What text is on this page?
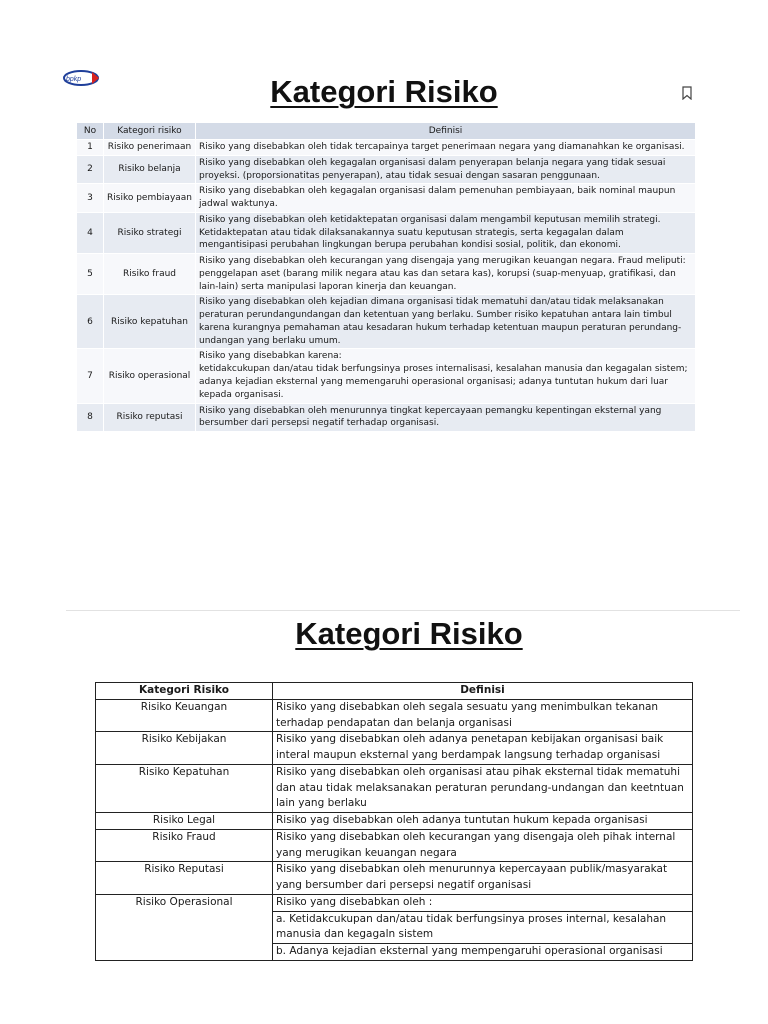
bpkp	Kategori Risiko
No	Kategori risiko	Definisi
1	Risiko penerimaan	Risiko yang disebabkan oleh tidak tercapainya target penerimaan negara yang diamanahkan ke organisasi.
2	Risiko belanja	Risiko yang disebabkan oleh kegagalan organisasi dalam penyerapan belanja negara yang tidak sesuai proyeksi. (proporsionatitas penyerapan), atau tidak sesuai dengan sasaran penggunaan.
3	Risiko pembiayaan	Risiko yang disebabkan oleh kegagalan organisasi dalam pemenuhan pembiayaan, baik nominal maupun jadwal waktunya.
4	Risiko strategi	Risiko yang disebabkan oleh ketidaktepatan organisasi dalam mengambil keputusan memilih strategi. Ketidaktepatan atau tidak dilaksanakannya suatu keputusan strategis, serta kegagalan dalam mengantisipasi perubahan lingkungan berupa perubahan kondisi sosial, politik, dan ekonomi.
5	Risiko fraud	Risiko yang disebabkan oleh kecurangan yang disengaja yang merugikan keuangan negara. Fraud meliputi: penggelapan aset (barang milik negara atau kas dan setara kas), korupsi (suap-menyuap, gratifikasi, dan lain-lain) serta manipulasi laporan kinerja dan keuangan.
6	Risiko kepatuhan	Risiko yang disebabkan oleh kejadian dimana organisasi tidak mematuhi dan/atau tidak melaksanakan peraturan perundangundangan dan ketentuan yang berlaku. Sumber risiko kepatuhan antara lain timbul karena kurangnya pemahaman atau kesadaran hukum terhadap ketentuan maupun peraturan perundang-undangan yang berlaku umum.
7	Risiko operasional	Risiko yang disebabkan karena:
ketidakcukupan dan/atau tidak berfungsinya proses internalisasi, kesalahan manusia dan kegagalan sistem;
adanya kejadian eksternal yang memengaruhi operasional organisasi; adanya tuntutan hukum dari luar kepada organisasi.
8	Risiko reputasi	Risiko yang disebabkan oleh menurunnya tingkat kepercayaan pemangku kepentingan eksternal yang bersumber dari persepsi negatif terhadap organisasi.
Kategori Risiko
Kategori Risiko	Definisi
Risiko Keuangan	Risiko yang disebabkan oleh segala sesuatu yang menimbulkan tekanan terhadap pendapatan dan belanja organisasi
Risiko Kebijakan	Risiko yang disebabkan oleh adanya penetapan kebijakan organisasi baik interal maupun eksternal yang berdampak langsung terhadap organisasi
Risiko Kepatuhan	Risiko yang disebabkan oleh organisasi atau pihak eksternal tidak mematuhi dan atau tidak melaksanakan peraturan perundang-undangan dan keetntuan lain yang berlaku
Risiko Legal	Risiko yag disebabkan oleh adanya tuntutan hukum kepada organisasi
Risiko Fraud	Risiko yang disebabkan oleh kecurangan yang disengaja oleh pihak internal yang merugikan keuangan negara
Risiko Reputasi	Risiko yang disebabkan oleh menurunnya kepercayaan publik/masyarakat yang bersumber dari persepsi negatif organisasi
Risiko Operasional	Risiko yang disebabkan oleh :
a. Ketidakcukupan dan/atau tidak berfungsinya proses internal, kesalahan manusia dan kegagaln sistem
b. Adanya kejadian eksternal yang mempengaruhi operasional organisasi
